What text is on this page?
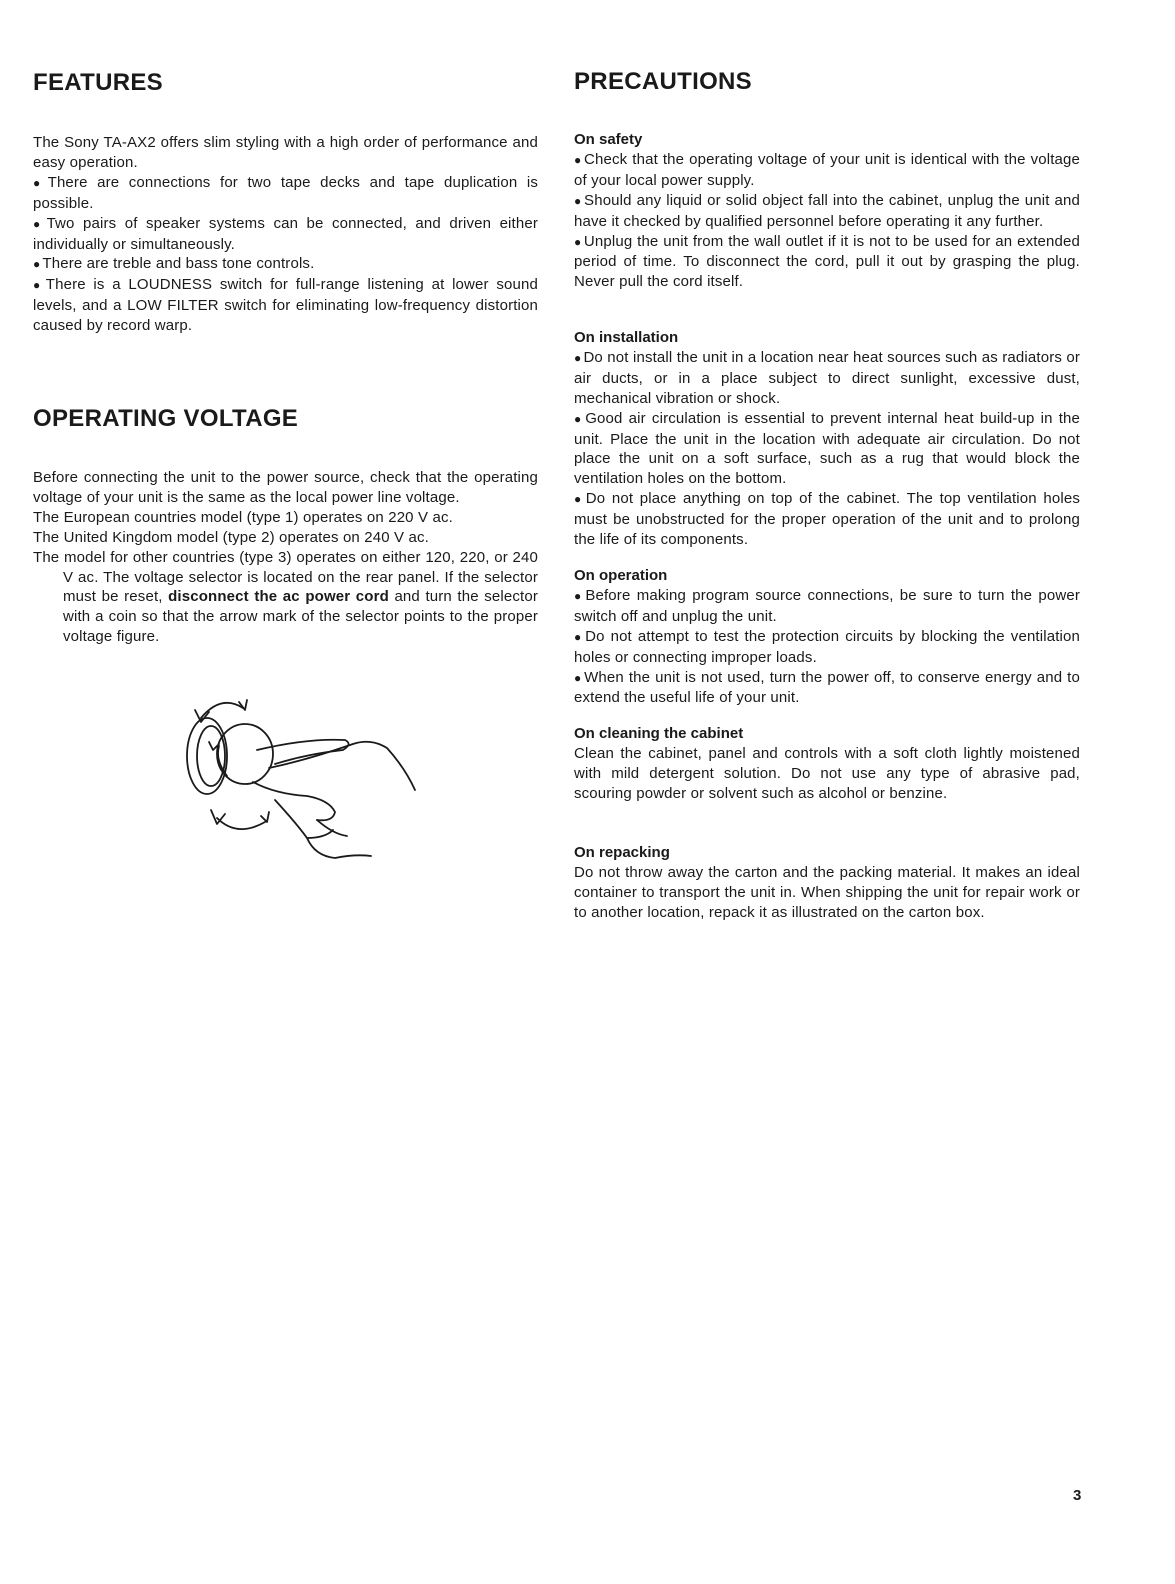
FEATURES

The Sony TA-AX2 offers slim styling with a high order of performance and easy operation.

● There are connections for two tape decks and tape duplication is possible.

● Two pairs of speaker systems can be connected, and driven either individually or simultaneously.

● There are treble and bass tone controls.

● There is a LOUDNESS switch for full-range listening at lower sound levels, and a LOW FILTER switch for eliminating low-frequency distortion caused by record warp.

OPERATING VOLTAGE

Before connecting the unit to the power source, check that the operating voltage of your unit is the same as the local power line voltage.

The European countries model (type 1) operates on 220 V ac.

The United Kingdom model (type 2) operates on 240 V ac.

The model for other countries (type 3) operates on either 120, 220, or 240 V ac. The voltage selector is located on the rear panel. If the selector must be reset, disconnect the ac power cord and turn the selector with a coin so that the arrow mark of the selector points to the proper voltage figure.

PRECAUTIONS
On safety

● Check that the operating voltage of your unit is identical with the voltage of your local power supply.

● Should any liquid or solid object fall into the cabinet, unplug the unit and have it checked by qualified personnel before operating it any further.

● Unplug the unit from the wall outlet if it is not to be used for an extended period of time. To disconnect the cord, pull it out by grasping the plug. Never pull the cord itself.

On installation

● Do not install the unit in a location near heat sources such as radiators or air ducts, or in a place subject to direct sunlight, excessive dust, mechanical vibration or shock.

● Good air circulation is essential to prevent internal heat build-up in the unit. Place the unit in the location with adequate air circulation. Do not place the unit on a soft surface, such as a rug that would block the ventilation holes on the bottom.

● Do not place anything on top of the cabinet. The top ventilation holes must be unobstructed for the proper operation of the unit and to prolong the life of its components.

On operation

● Before making program source connections, be sure to turn the power switch off and unplug the unit.

● Do not attempt to test the protection circuits by blocking the ventilation holes or connecting improper loads.

● When the unit is not used, turn the power off, to conserve energy and to extend the useful life of your unit.

On cleaning the cabinet

Clean the cabinet, panel and controls with a soft cloth lightly moistened with mild detergent solution. Do not use any type of abrasive pad, scouring powder or solvent such as alcohol or benzine.

On repacking

Do not throw away the carton and the packing material. It makes an ideal container to transport the unit in. When shipping the unit for repair work or to another location, repack it as illustrated on the carton box.

3
